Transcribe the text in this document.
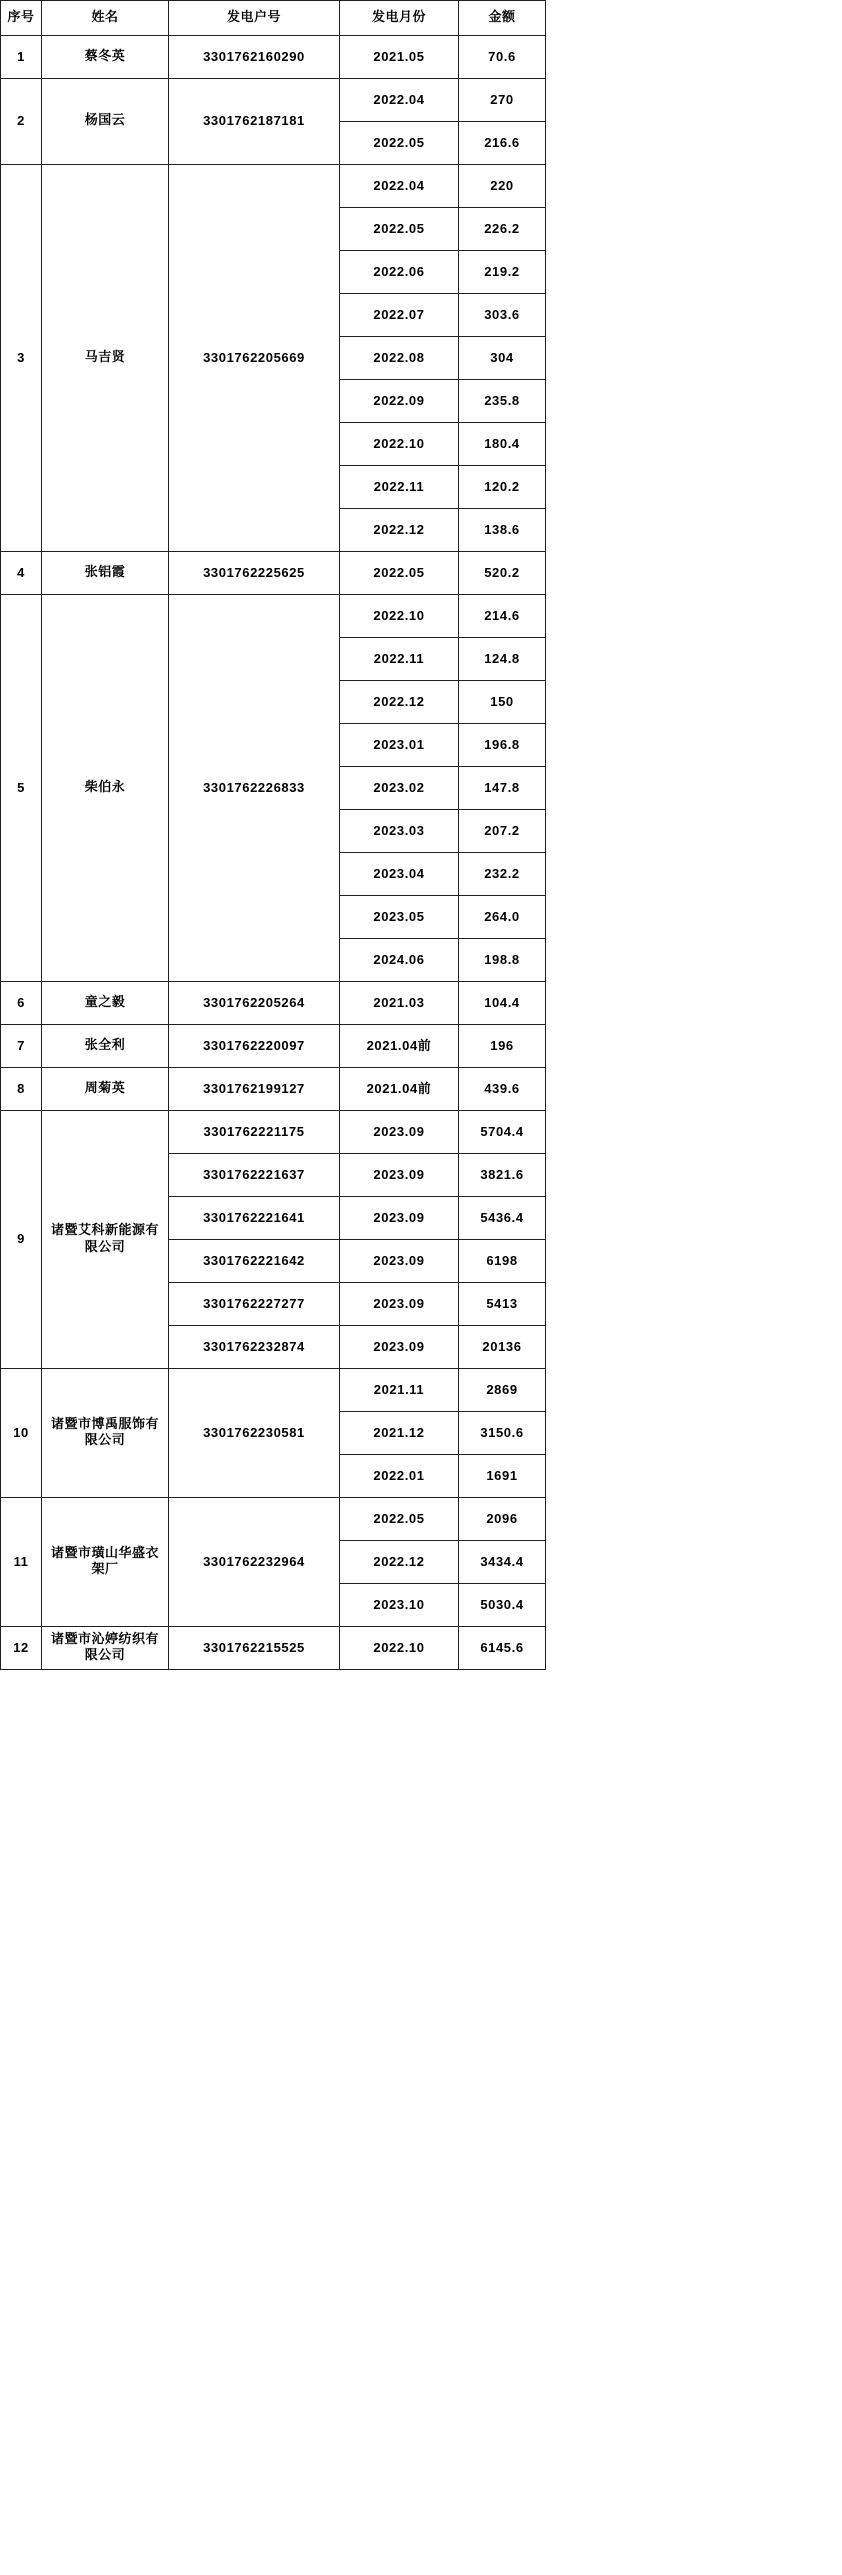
序号	姓名	发电户号	发电月份	金额
1	蔡冬英	3301762160290	2021.05	70.6
2	杨国云	3301762187181	2022.04	270
			2022.05	216.6
3	马吉贤	3301762205669	2022.04	220
			2022.05	226.2
			2022.06	219.2
			2022.07	303.6
			2022.08	304
			2022.09	235.8
			2022.10	180.4
			2022.11	120.2
			2022.12	138.6
4	张铝霞	3301762225625	2022.05	520.2
5	柴伯永	3301762226833	2022.10	214.6
			2022.11	124.8
			2022.12	150
			2023.01	196.8
			2023.02	147.8
			2023.03	207.2
			2023.04	232.2
			2023.05	264.0
			2024.06	198.8
6	童之毅	3301762205264	2021.03	104.4
7	张全利	3301762220097	2021.04前	196
8	周菊英	3301762199127	2021.04前	439.6
9	诸暨艾科新能源有限公司	3301762221175	2023.09	5704.4
		3301762221637	2023.09	3821.6
		3301762221641	2023.09	5436.4
		3301762221642	2023.09	6198
		3301762227277	2023.09	5413
		3301762232874	2023.09	20136
10	诸暨市博禹服饰有限公司	3301762230581	2021.11	2869
			2021.12	3150.6
			2022.01	1691
11	诸暨市璜山华盛衣架厂	3301762232964	2022.05	2096
			2022.12	3434.4
			2023.10	5030.4
12	诸暨市沁婷纺织有限公司	3301762215525	2022.10	6145.6
